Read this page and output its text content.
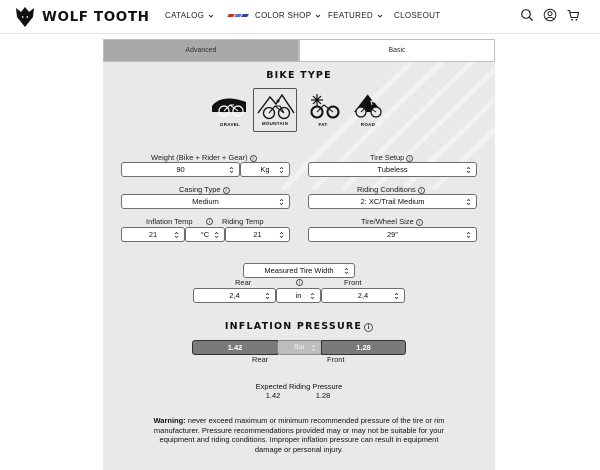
WOLF TOOTH CATALOG	COLOR SHOP FEATURED	CLOSEOUT
Advanced	Basic
BIKE TYPE
GRAVEL	MOUNTAIN	FAT	ROAD
Weight (Bike + Rider + Gear) i
90	Kg
Tire Setup i
Tubeless
Casing Type i
Medium
Riding Conditions i
2: XC/Trail Medium
Inflation Temp	i	Riding Temp
21	°C	21
Tire/Wheel Size i
29"
Measured Tire Width
Rear	i	Front
2,4	in	2,4
INFLATION PRESSURE i
1.42	Bar	1.28
Rear	Front
Expected Riding Pressure
1.42	1.28
Warning: never exceed maximum or minimum recommended pressure of the tire or rim manufacturer. Pressure recommendations provided may or may not be suitable for your equipment and riding conditions. Improper inflation pressure can result in equipment damage or personal injury.
